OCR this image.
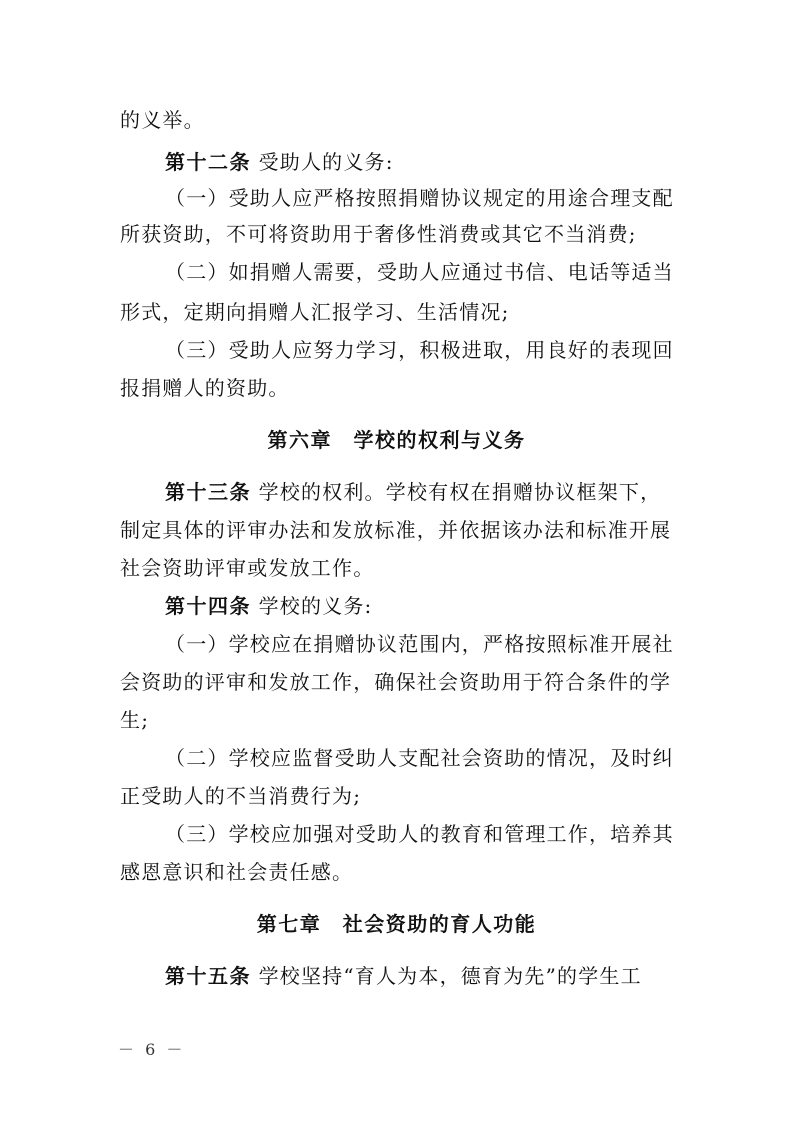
的义举。
第十二条 受助人的义务:
（一）受助人应严格按照捐赠协议规定的用途合理支配
所获资助，不可将资助用于奢侈性消费或其它不当消费;
（二）如捐赠人需要，受助人应通过书信、电话等适当
形式，定期向捐赠人汇报学习、生活情况;
（三）受助人应努力学习，积极进取，用良好的表现回
报捐赠人的资助。
第六章　学校的权利与义务
第十三条 学校的权利。学校有权在捐赠协议框架下，
制定具体的评审办法和发放标准，并依据该办法和标准开展
社会资助评审或发放工作。
第十四条 学校的义务:
（一）学校应在捐赠协议范围内，严格按照标准开展社
会资助的评审和发放工作，确保社会资助用于符合条件的学
生;
（二）学校应监督受助人支配社会资助的情况，及时纠
正受助人的不当消费行为;
（三）学校应加强对受助人的教育和管理工作，培养其
感恩意识和社会责任感。
第七章　社会资助的育人功能
第十五条 学校坚持“育人为本，德育为先”的学生工
－ 6 －
